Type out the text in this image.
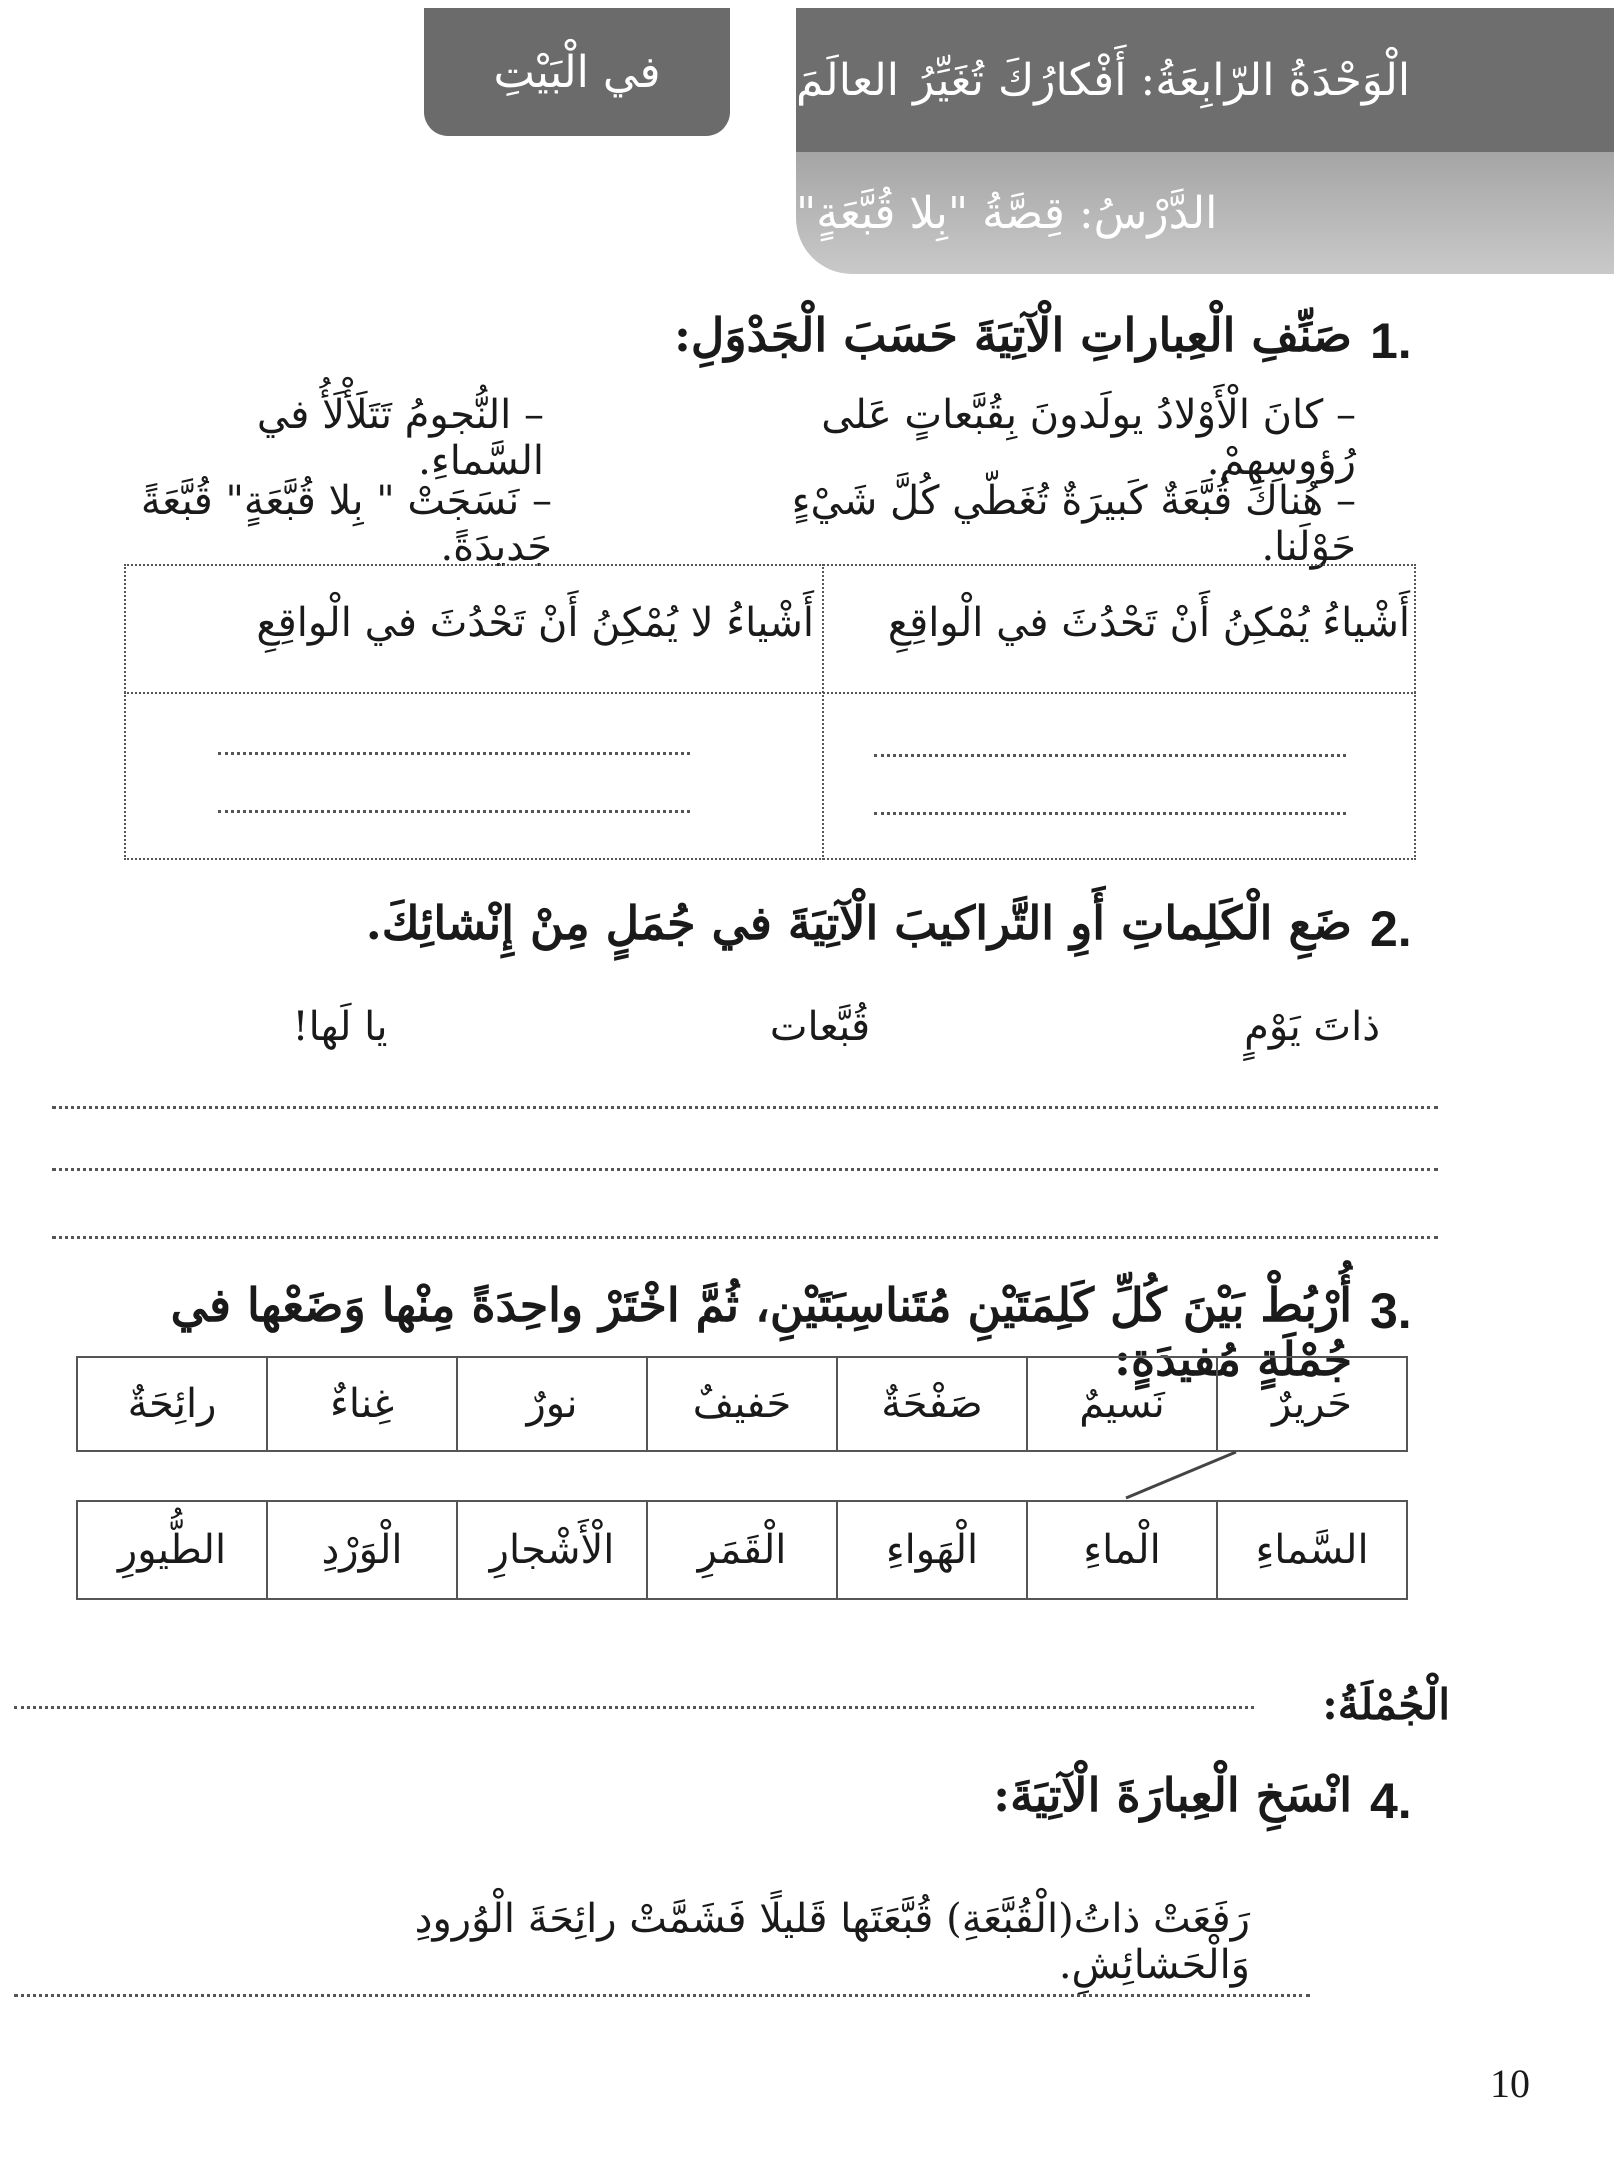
في الْبَيْتِ	الْوَحْدَةُ الرّابِعَةُ: أَفْكارُكَ تُغَيِّرُ العالَمَ
الدَّرْسُ: قِصَّةُ "بِلا قُبَّعَةٍ"
1.
صَنِّفِ الْعِباراتِ الْآتِيَةَ حَسَبَ الْجَدْوَلِ:
– كانَ الْأَوْلادُ يولَدونَ بِقُبَّعاتٍ عَلى رُؤوسِهِمْ.
– النُّجومُ تَتَلَأْلَأُ في السَّماءِ.
– هُناكَ قُبَّعَةٌ كَبيرَةٌ تُغَطّي كُلَّ شَيْءٍ حَوْلَنا.
– نَسَجَتْ " بِلا قُبَّعَةٍ" قُبَّعَةً جَديدَةً.
أَشْياءُ يُمْكِنُ أَنْ تَحْدُثَ في الْواقِعِ
أَشْياءُ لا يُمْكِنُ أَنْ تَحْدُثَ في الْواقِعِ
2.
ضَعِ الْكَلِماتِ أَوِ التَّراكيبَ الْآتِيَةَ في جُمَلٍ مِنْ إِنْشائِكَ.
ذاتَ يَوْمٍ
قُبَّعات
يا لَها!
3.
أُرْبُطْ بَيْنَ كُلِّ كَلِمَتَيْنِ مُتَناسِبَتَيْنِ، ثُمَّ اخْتَرْ واحِدَةً مِنْها وَضَعْها في جُمْلَةٍ مُفيدَةٍ:
حَريرٌ
نَسيمٌ
صَفْحَةٌ
حَفيفٌ
نورٌ
غِناءٌ
رائِحَةٌ
السَّماءِ
الْماءِ
الْهَواءِ
الْقَمَرِ
الْأَشْجارِ
الْوَرْدِ
الطُّيورِ
الْجُمْلَةُ:
4.
انْسَخِ الْعِبارَةَ الْآتِيَةَ:
رَفَعَتْ ذاتُ(الْقُبَّعَةِ) قُبَّعَتَها قَليلًا فَشَمَّتْ رائِحَةَ الْوُرودِ وَالْحَشائِشِ.
10
